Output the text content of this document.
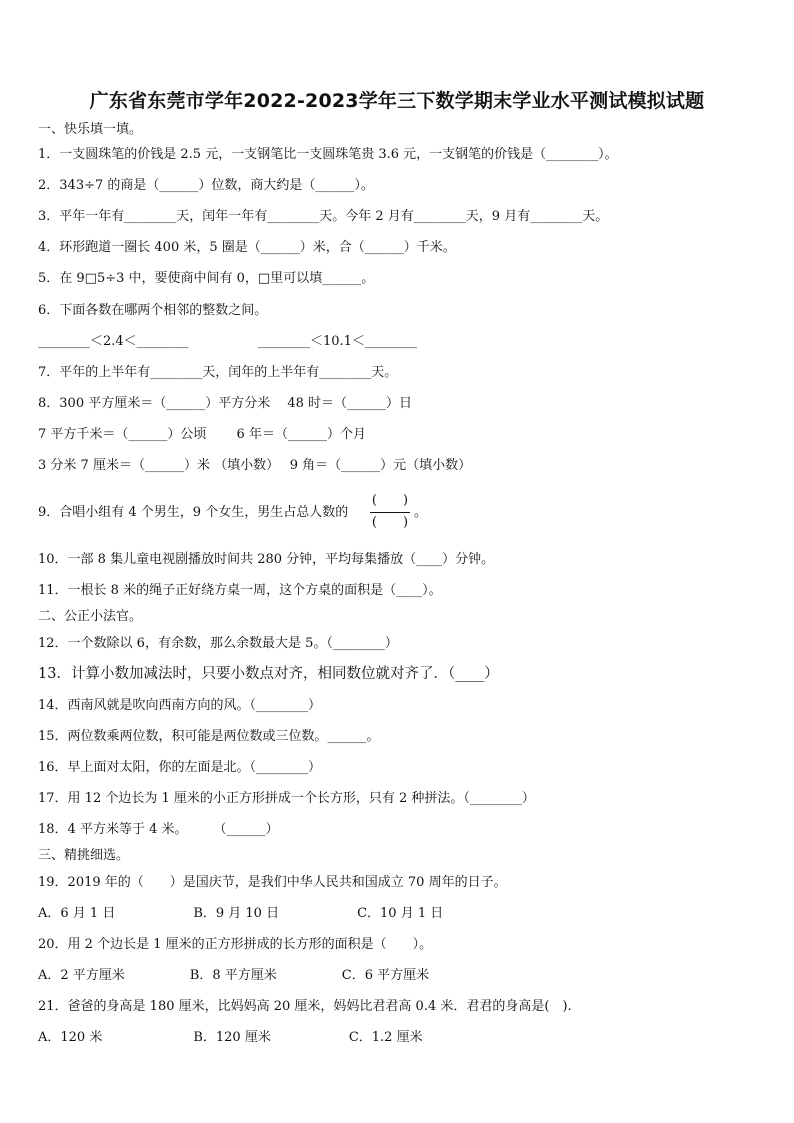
广东省东莞市学年2022-2023学年三下数学期末学业水平测试模拟试题
一、快乐填一填。
1．一支圆珠笔的价钱是 2.5 元，一支钢笔比一支圆珠笔贵 3.6 元，一支钢笔的价钱是（________）。
2．343÷7 的商是（______）位数，商大约是（______）。
3．平年一年有________天，闰年一年有________天。今年 2 月有________天，9 月有________天。
4．环形跑道一圈长 400 米，5 圈是（______）米，合（______）千米。
5．在 9□5÷3 中，要使商中间有 0，□里可以填______。
6．下面各数在哪两个相邻的整数之间。
________＜2.4＜________	________＜10.1＜________
7．平年的上半年有________天，闰年的上半年有________天。
8．300 平方厘米＝（______）平方分米　 48 时＝（______）日
7 平方千米＝（______）公顷　　 6 年＝（______）个月
3 分米 7 厘米＝（______）米 （填小数）　 9 角＝（______）元（填小数）
9．合唱小组有 4 个男生，9 个女生，男生占总人数的
(　　)
(　　)
。
10．一部 8 集儿童电视剧播放时间共 280 分钟，平均每集播放（____）分钟。
11．一根长 8 米的绳子正好绕方桌一周，这个方桌的面积是（____）。
二、公正小法官。
12．一个数除以 6，有余数，那么余数最大是 5。（________）
13．计算小数加减法时，只要小数点对齐，相同数位就对齐了．（____）
14．西南风就是吹向西南方向的风。（________）
15．两位数乘两位数，积可能是两位数或三位数。______。
16．早上面对太阳，你的左面是北。（________）
17．用 12 个边长为 1 厘米的小正方形拼成一个长方形，只有 2 种拼法。（________）
18．4 平方米等于 4 米。　　　（______）
三、精挑细选。
19．2019 年的（　　）是国庆节，是我们中华人民共和国成立 70 周年的日子。
A．6 月 1 日　　　　　　B．9 月 10 日　　　　　　C．10 月 1 日
20．用 2 个边长是 1 厘米的正方形拼成的长方形的面积是（　　）。
A．2 平方厘米　　　　　B．8 平方厘米　　　　　C．6 平方厘米
21．爸爸的身高是 180 厘米，比妈妈高 20 厘米，妈妈比君君高 0.4 米．君君的身高是(　).
A．120 米　　　　　　　B．120 厘米　　　　　　C．1.2 厘米
